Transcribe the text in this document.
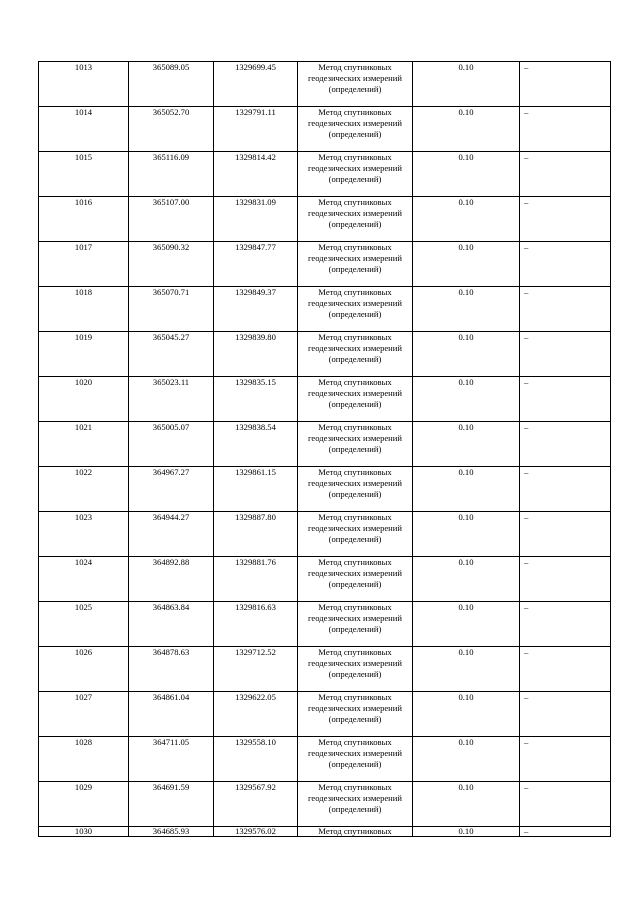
1013	365089.05	1329699.45	Метод спутниковых геодезических измерений (определений)	0.10	–
1014	365052.70	1329791.11	Метод спутниковых геодезических измерений (определений)	0.10	–
1015	365116.09	1329814.42	Метод спутниковых геодезических измерений (определений)	0.10	–
1016	365107.00	1329831.09	Метод спутниковых геодезических измерений (определений)	0.10	–
1017	365090.32	1329847.77	Метод спутниковых геодезических измерений (определений)	0.10	–
1018	365070.71	1329849.37	Метод спутниковых геодезических измерений (определений)	0.10	–
1019	365045.27	1329839.80	Метод спутниковых геодезических измерений (определений)	0.10	–
1020	365023.11	1329835.15	Метод спутниковых геодезических измерений (определений)	0.10	–
1021	365005.07	1329838.54	Метод спутниковых геодезических измерений (определений)	0.10	–
1022	364967.27	1329861.15	Метод спутниковых геодезических измерений (определений)	0.10	–
1023	364944.27	1329887.80	Метод спутниковых геодезических измерений (определений)	0.10	–
1024	364892.88	1329881.76	Метод спутниковых геодезических измерений (определений)	0.10	–
1025	364863.84	1329816.63	Метод спутниковых геодезических измерений (определений)	0.10	–
1026	364878.63	1329712.52	Метод спутниковых геодезических измерений (определений)	0.10	–
1027	364861.04	1329622.05	Метод спутниковых геодезических измерений (определений)	0.10	–
1028	364711.05	1329558.10	Метод спутниковых геодезических измерений (определений)	0.10	–
1029	364691.59	1329567.92	Метод спутниковых геодезических измерений (определений)	0.10	–
1030	364685.93	1329576.02	Метод спутниковых	0.10	–
